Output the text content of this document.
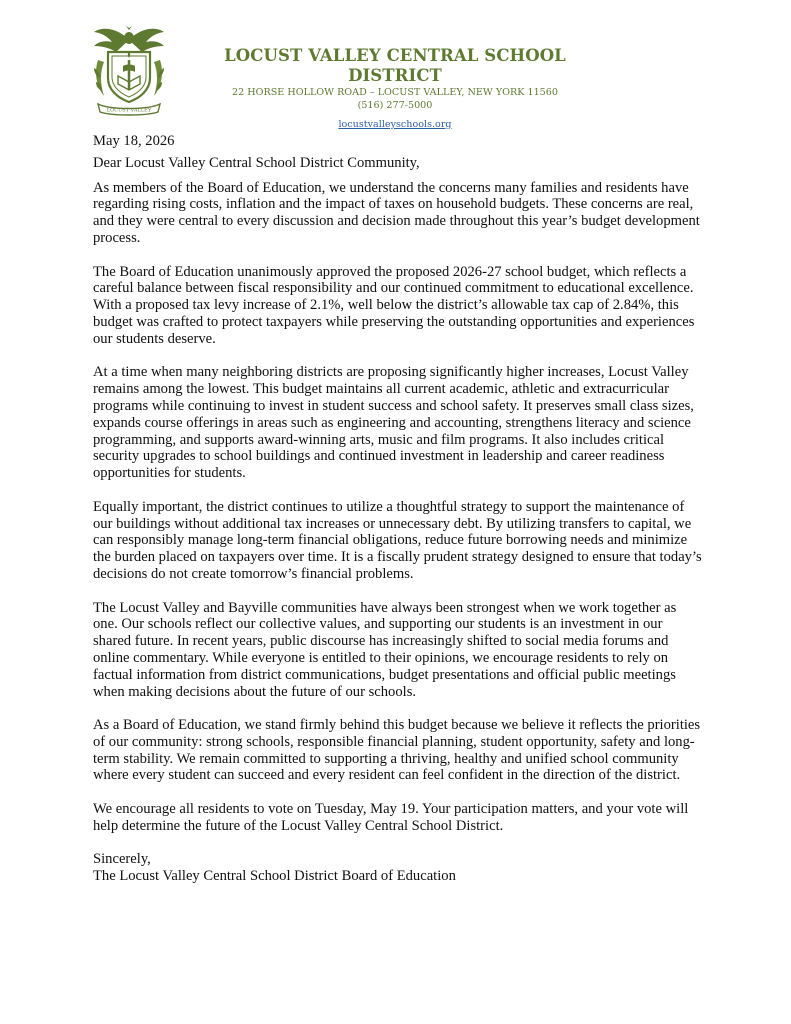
LOCUST VALLEY
LOCUST VALLEY CENTRAL SCHOOL DISTRICT
22 HORSE HOLLOW ROAD – LOCUST VALLEY, NEW YORK 11560
(516) 277-5000
locustvalleyschools.org

May 18, 2026

Dear Locust Valley Central School District Community,

As members of the Board of Education, we understand the concerns many families and residents have regarding rising costs, inflation and the impact of taxes on household budgets. These concerns are real, and they were central to every discussion and decision made throughout this year’s budget development process.

The Board of Education unanimously approved the proposed 2026-27 school budget, which reflects a careful balance between fiscal responsibility and our continued commitment to educational excellence. With a proposed tax levy increase of 2.1%, well below the district’s allowable tax cap of 2.84%, this budget was crafted to protect taxpayers while preserving the outstanding opportunities and experiences our students deserve.

At a time when many neighboring districts are proposing significantly higher increases, Locust Valley remains among the lowest. This budget maintains all current academic, athletic and extracurricular programs while continuing to invest in student success and school safety. It preserves small class sizes, expands course offerings in areas such as engineering and accounting, strengthens literacy and science programming, and supports award-winning arts, music and film programs. It also includes critical security upgrades to school buildings and continued investment in leadership and career readiness opportunities for students.

Equally important, the district continues to utilize a thoughtful strategy to support the maintenance of our buildings without additional tax increases or unnecessary debt. By utilizing transfers to capital, we can responsibly manage long-term financial obligations, reduce future borrowing needs and minimize the burden placed on taxpayers over time. It is a fiscally prudent strategy designed to ensure that today’s decisions do not create tomorrow’s financial problems.

The Locust Valley and Bayville communities have always been strongest when we work together as one. Our schools reflect our collective values, and supporting our students is an investment in our shared future. In recent years, public discourse has increasingly shifted to social media forums and online commentary. While everyone is entitled to their opinions, we encourage residents to rely on factual information from district communications, budget presentations and official public meetings when making decisions about the future of our schools.

As a Board of Education, we stand firmly behind this budget because we believe it reflects the priorities of our community: strong schools, responsible financial planning, student opportunity, safety and long-term stability. We remain committed to supporting a thriving, healthy and unified school community where every student can succeed and every resident can feel confident in the direction of the district.

We encourage all residents to vote on Tuesday, May 19. Your participation matters, and your vote will help determine the future of the Locust Valley Central School District.

Sincerely,

The Locust Valley Central School District Board of Education
